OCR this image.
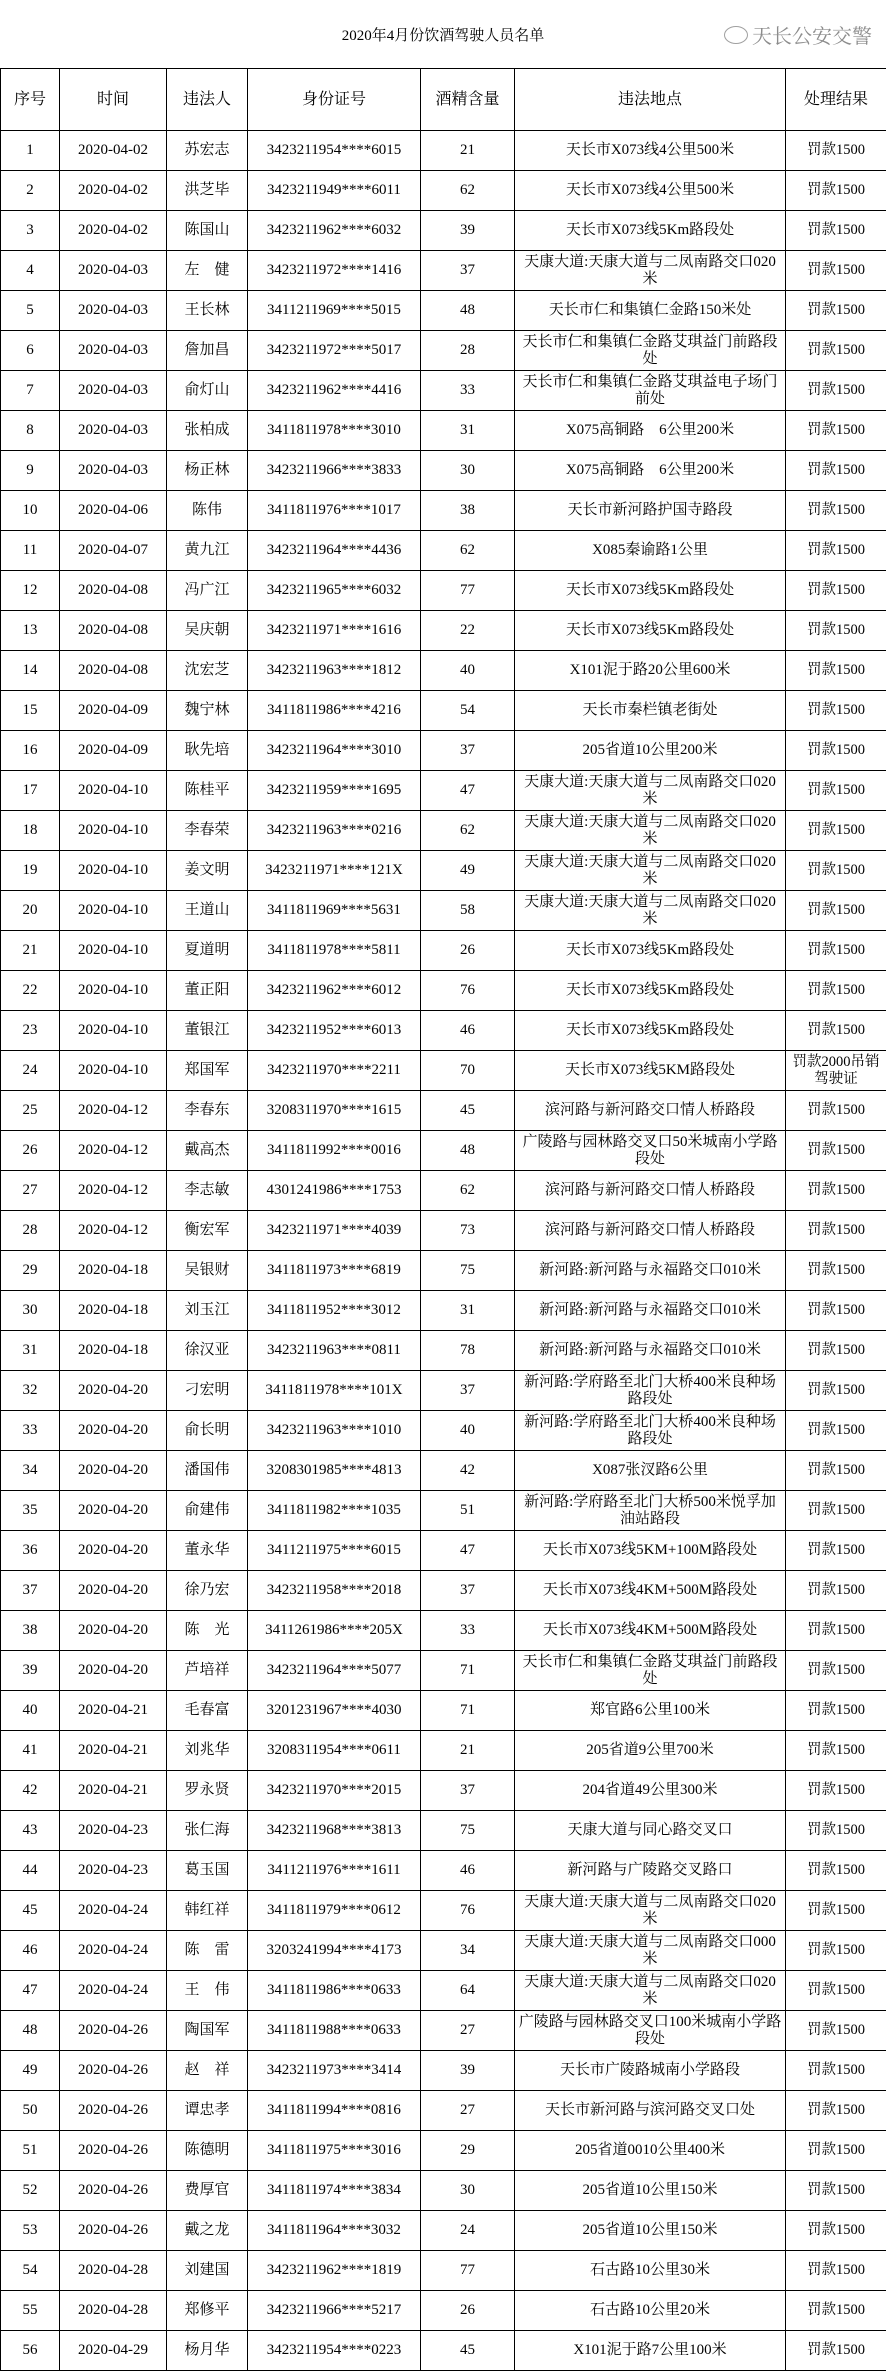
2020年4月份饮酒驾驶人员名单
序号	时间	违法人	身份证号	酒精含量	违法地点	处理结果
1	2020-04-02	苏宏志	3423211954****6015	21	天长市X073线4公里500米	罚款1500
2	2020-04-02	洪芝毕	3423211949****6011	62	天长市X073线4公里500米	罚款1500
3	2020-04-02	陈国山	3423211962****6032	39	天长市X073线5Km路段处	罚款1500
4	2020-04-03	左　健	3423211972****1416	37	天康大道:天康大道与二凤南路交口020米	罚款1500
5	2020-04-03	王长林	3411211969****5015	48	天长市仁和集镇仁金路150米处	罚款1500
6	2020-04-03	詹加昌	3423211972****5017	28	天长市仁和集镇仁金路艾琪益门前路段处	罚款1500
7	2020-04-03	俞灯山	3423211962****4416	33	天长市仁和集镇仁金路艾琪益电子场门前处	罚款1500
8	2020-04-03	张柏成	3411811978****3010	31	X075高铜路　6公里200米	罚款1500
9	2020-04-03	杨正林	3423211966****3833	30	X075高铜路　6公里200米	罚款1500
10	2020-04-06	陈伟	3411811976****1017	38	天长市新河路护国寺路段	罚款1500
11	2020-04-07	黄九江	3423211964****4436	62	X085秦谕路1公里	罚款1500
12	2020-04-08	冯广江	3423211965****6032	77	天长市X073线5Km路段处	罚款1500
13	2020-04-08	吴庆朝	3423211971****1616	22	天长市X073线5Km路段处	罚款1500
14	2020-04-08	沈宏芝	3423211963****1812	40	X101泥于路20公里600米	罚款1500
15	2020-04-09	魏宁林	3411811986****4216	54	天长市秦栏镇老街处	罚款1500
16	2020-04-09	耿先培	3423211964****3010	37	205省道10公里200米	罚款1500
17	2020-04-10	陈桂平	3423211959****1695	47	天康大道:天康大道与二凤南路交口020米	罚款1500
18	2020-04-10	李春荣	3423211963****0216	62	天康大道:天康大道与二凤南路交口020米	罚款1500
19	2020-04-10	姜文明	3423211971****121X	49	天康大道:天康大道与二凤南路交口020米	罚款1500
20	2020-04-10	王道山	3411811969****5631	58	天康大道:天康大道与二凤南路交口020米	罚款1500
21	2020-04-10	夏道明	3411811978****5811	26	天长市X073线5Km路段处	罚款1500
22	2020-04-10	董正阳	3423211962****6012	76	天长市X073线5Km路段处	罚款1500
23	2020-04-10	董银江	3423211952****6013	46	天长市X073线5Km路段处	罚款1500
24	2020-04-10	郑国军	3423211970****2211	70	天长市X073线5KM路段处	罚款2000吊销驾驶证
25	2020-04-12	李春东	3208311970****1615	45	滨河路与新河路交口情人桥路段	罚款1500
26	2020-04-12	戴高杰	3411811992****0016	48	广陵路与园林路交叉口50米城南小学路段处	罚款1500
27	2020-04-12	李志敏	4301241986****1753	62	滨河路与新河路交口情人桥路段	罚款1500
28	2020-04-12	衡宏军	3423211971****4039	73	滨河路与新河路交口情人桥路段	罚款1500
29	2020-04-18	吴银财	3411811973****6819	75	新河路:新河路与永福路交口010米	罚款1500
30	2020-04-18	刘玉江	3411811952****3012	31	新河路:新河路与永福路交口010米	罚款1500
31	2020-04-18	徐汉亚	3423211963****0811	78	新河路:新河路与永福路交口010米	罚款1500
32	2020-04-20	刁宏明	3411811978****101X	37	新河路:学府路至北门大桥400米良种场路段处	罚款1500
33	2020-04-20	俞长明	3423211963****1010	40	新河路:学府路至北门大桥400米良种场路段处	罚款1500
34	2020-04-20	潘国伟	3208301985****4813	42	X087张汊路6公里	罚款1500
35	2020-04-20	俞建伟	3411811982****1035	51	新河路:学府路至北门大桥500米悦孚加油站路段	罚款1500
36	2020-04-20	董永华	3411211975****6015	47	天长市X073线5KM+100M路段处	罚款1500
37	2020-04-20	徐乃宏	3423211958****2018	37	天长市X073线4KM+500M路段处	罚款1500
38	2020-04-20	陈　光	3411261986****205X	33	天长市X073线4KM+500M路段处	罚款1500
39	2020-04-20	芦培祥	3423211964****5077	71	天长市仁和集镇仁金路艾琪益门前路段处	罚款1500
40	2020-04-21	毛春富	3201231967****4030	71	郑官路6公里100米	罚款1500
41	2020-04-21	刘兆华	3208311954****0611	21	205省道9公里700米	罚款1500
42	2020-04-21	罗永贤	3423211970****2015	37	204省道49公里300米	罚款1500
43	2020-04-23	张仁海	3423211968****3813	75	天康大道与同心路交叉口	罚款1500
44	2020-04-23	葛玉国	3411211976****1611	46	新河路与广陵路交叉路口	罚款1500
45	2020-04-24	韩红祥	3411811979****0612	76	天康大道:天康大道与二凤南路交口020米	罚款1500
46	2020-04-24	陈　雷	3203241994****4173	34	天康大道:天康大道与二凤南路交口000米	罚款1500
47	2020-04-24	王　伟	3411811986****0633	64	天康大道:天康大道与二凤南路交口020米	罚款1500
48	2020-04-26	陶国军	3411811988****0633	27	广陵路与园林路交叉口100米城南小学路段处	罚款1500
49	2020-04-26	赵　祥	3423211973****3414	39	天长市广陵路城南小学路段	罚款1500
50	2020-04-26	谭忠孝	3411811994****0816	27	天长市新河路与滨河路交叉口处	罚款1500
51	2020-04-26	陈德明	3411811975****3016	29	205省道0010公里400米	罚款1500
52	2020-04-26	费厚官	3411811974****3834	30	205省道10公里150米	罚款1500
53	2020-04-26	戴之龙	3411811964****3032	24	205省道10公里150米	罚款1500
54	2020-04-28	刘建国	3423211962****1819	77	石古路10公里30米	罚款1500
55	2020-04-28	郑修平	3423211966****5217	26	石古路10公里20米	罚款1500
56	2020-04-29	杨月华	3423211954****0223	45	X101泥于路7公里100米	罚款1500
天长公安交警
